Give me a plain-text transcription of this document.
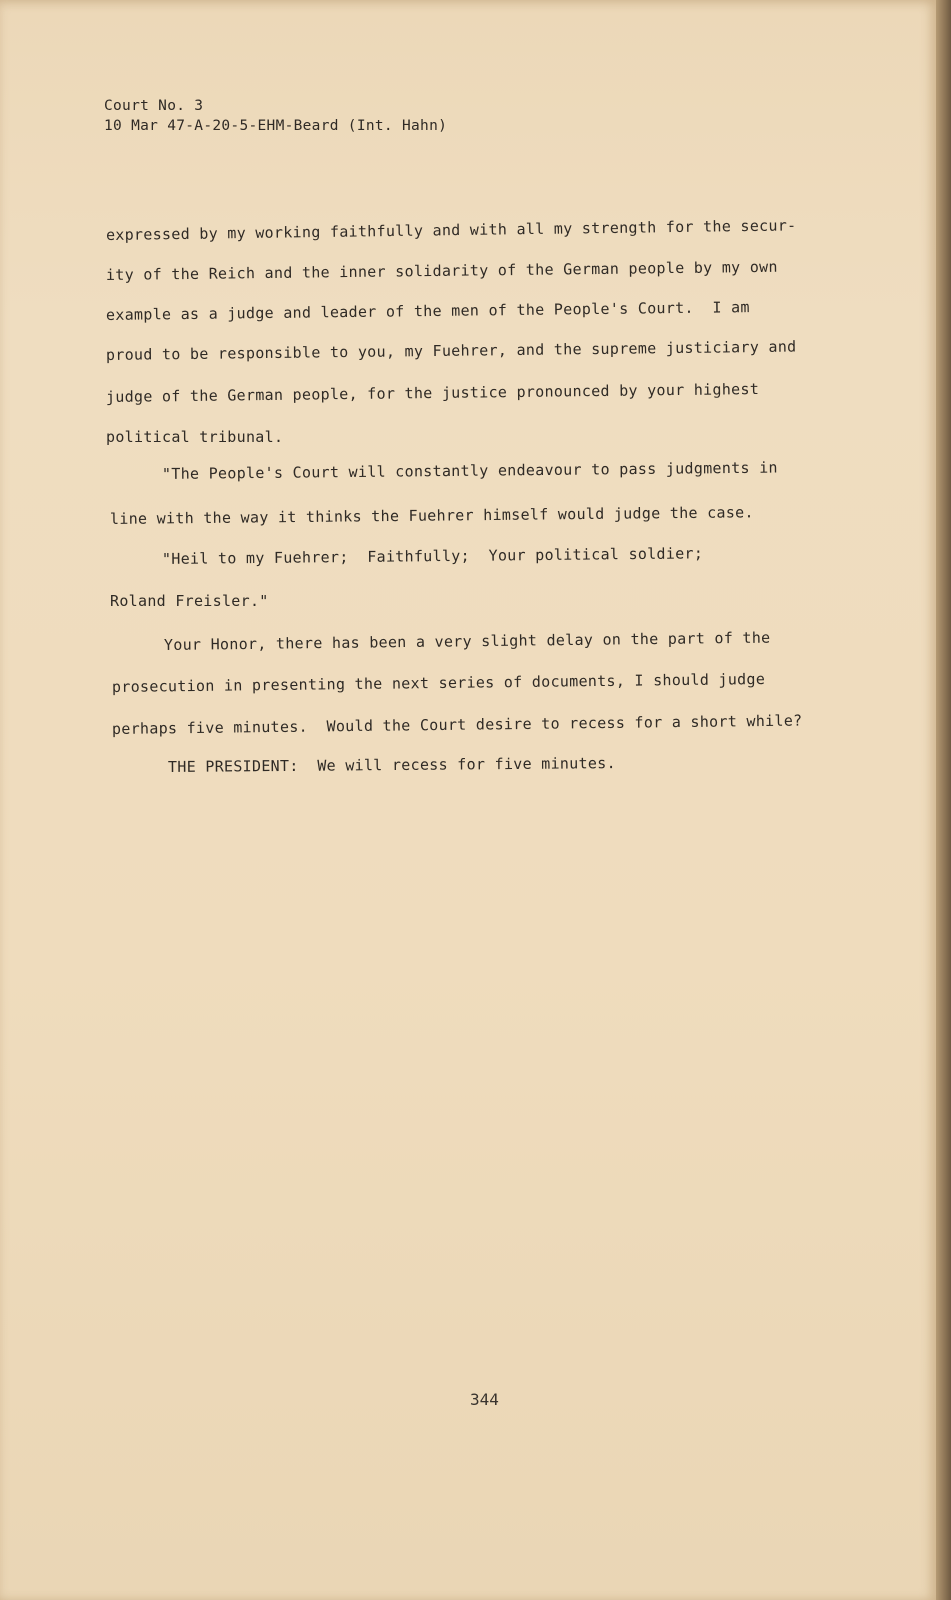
Court No. 3
10 Mar 47-A-20-5-EHM-Beard (Int. Hahn)
expressed by my working faithfully and with all my strength for the secur-
ity of the Reich and the inner solidarity of the German people by my own
example as a judge and leader of the men of the People's Court.  I am
proud to be responsible to you, my Fuehrer, and the supreme justiciary and
judge of the German people, for the justice pronounced by your highest
political tribunal.
"The People's Court will constantly endeavour to pass judgments in
line with the way it thinks the Fuehrer himself would judge the case.
"Heil to my Fuehrer;  Faithfully;  Your political soldier;
Roland Freisler."
Your Honor, there has been a very slight delay on the part of the
prosecution in presenting the next series of documents, I should judge
perhaps five minutes.  Would the Court desire to recess for a short while?
THE PRESIDENT:  We will recess for five minutes.
344
